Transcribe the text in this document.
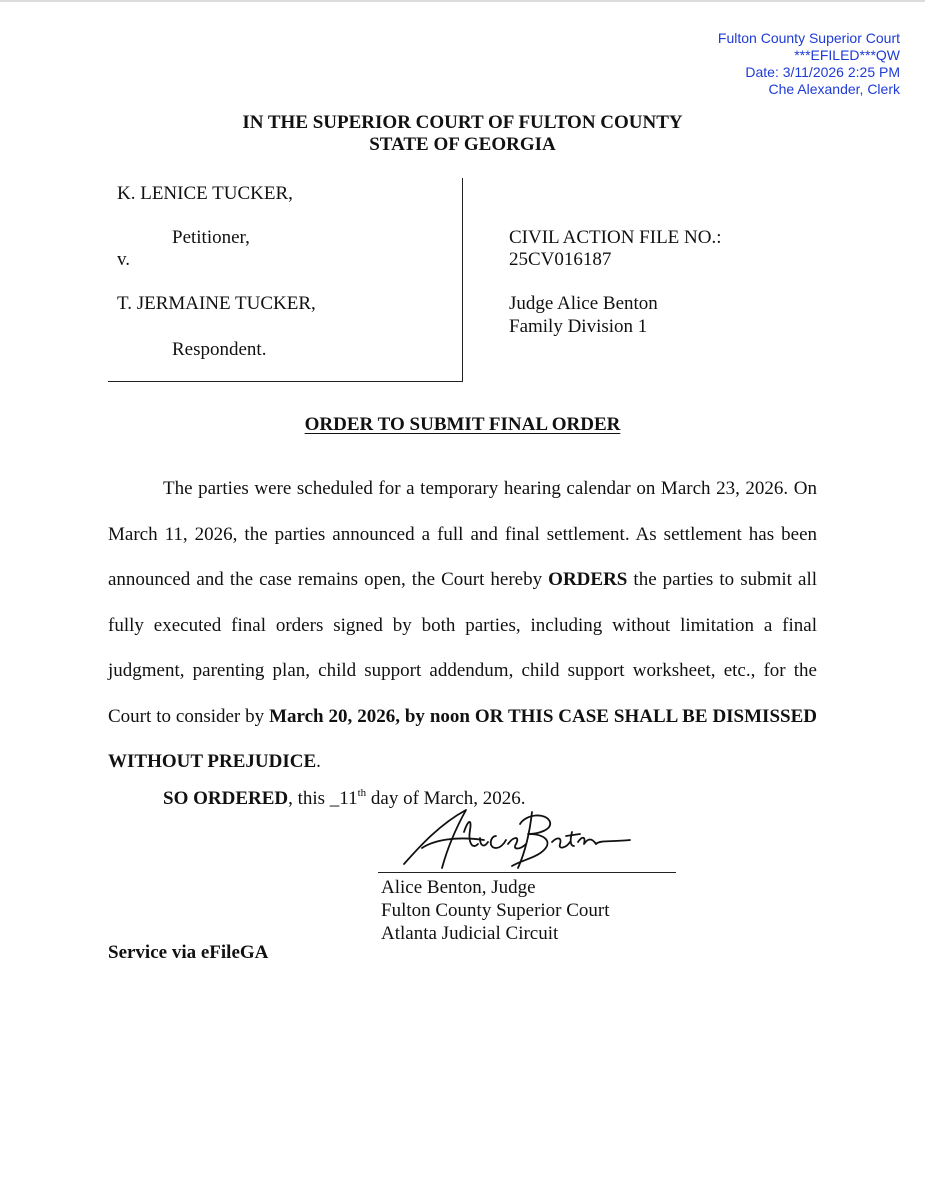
Fulton County Superior Court
***EFILED***QW
Date: 3/11/2026 2:25 PM
Che Alexander, Clerk
IN THE SUPERIOR COURT OF FULTON COUNTY
STATE OF GEORGIA
K. LENICE TUCKER,
Petitioner,
v.
T. JERMAINE TUCKER,
Respondent.
CIVIL ACTION FILE NO.:
25CV016187
Judge Alice Benton
Family Division 1
ORDER TO SUBMIT FINAL ORDER

The parties were scheduled for a temporary hearing calendar on March 23, 2026. On March 11, 2026, the parties announced a full and final settlement. As settlement has been announced and the case remains open, the Court hereby ORDERS the parties to submit all fully executed final orders signed by both parties, including without limitation a final judgment, parenting plan, child support addendum, child support worksheet, etc., for the Court to consider by March 20, 2026, by noon OR THIS CASE SHALL BE DISMISSED WITHOUT PREJUDICE.

SO ORDERED, this _11th day of March, 2026.
Alice Benton, Judge
Fulton County Superior Court
Atlanta Judicial Circuit
Service via eFileGA
